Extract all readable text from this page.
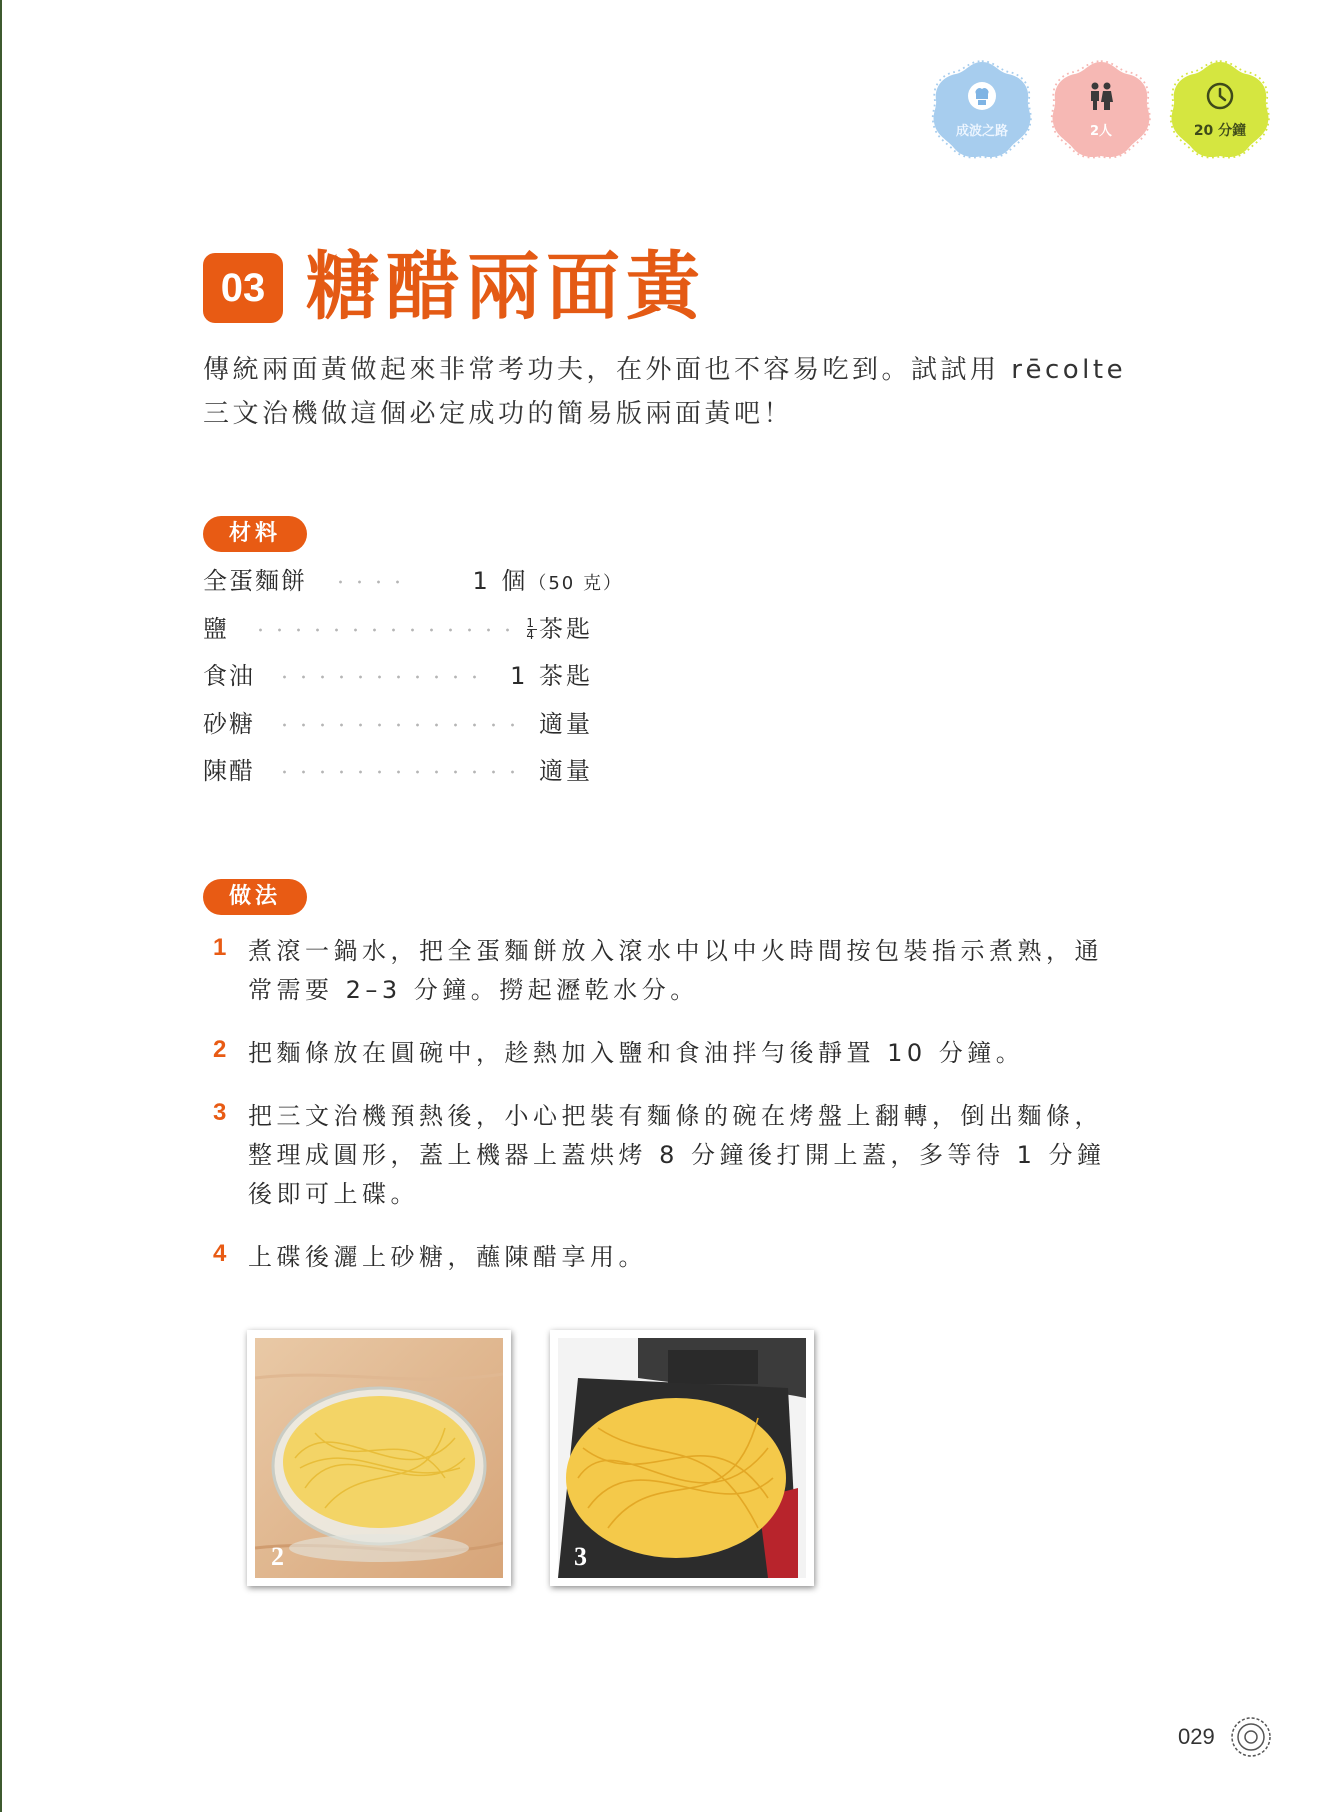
成波之路	2人	20 分鐘
03 糖醋兩面黃
傳統兩面黃做起來非常考功夫，在外面也不容易吃到。試試用 rēcolte 三文治機做這個必定成功的簡易版兩面黃吧！
材料
全蛋麵餅	1 個（50 克）
鹽	$\frac{1}{4}$茶匙
食油	1 茶匙
砂糖	適量
陳醋	適量
做法
1 煮滾一鍋水，把全蛋麵餅放入滾水中以中火時間按包裝指示煮熟，通常需要 2–3 分鐘。撈起瀝乾水分。
2 把麵條放在圓碗中，趁熱加入鹽和食油拌勻後靜置 10 分鐘。
3 把三文治機預熱後，小心把裝有麵條的碗在烤盤上翻轉，倒出麵條，整理成圓形，蓋上機器上蓋烘烤 8 分鐘後打開上蓋，多等待 1 分鐘後即可上碟。
4 上碟後灑上砂糖，蘸陳醋享用。
2	3
029
